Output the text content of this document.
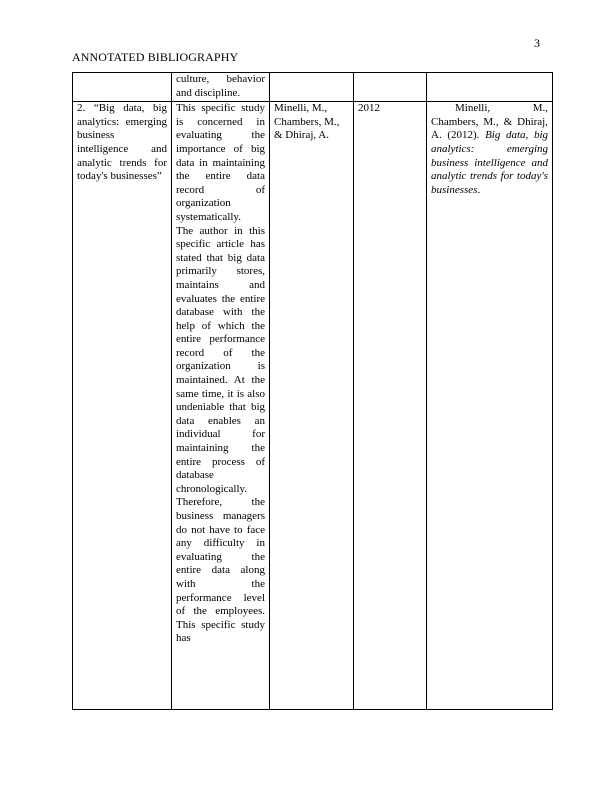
3
ANNOTATED BIBLIOGRAPHY

	culture, behavior and discipline.			

2. “Big data, big analytics: emerging business intelligence and analytic trends for today's businesses”	This specific study is concerned in evaluating the importance of big data in maintaining the entire data record of organization systematically.

The author in this specific article has stated that big data primarily stores, maintains and evaluates the entire database with the help of which the entire performance record of the organization is maintained. At the same time, it is also undeniable that big data enables an individual for maintaining the entire process of database chronologically.

Therefore, the business managers do not have to face any difficulty in evaluating the entire data along with the performance level of the employees. This specific study has	Minelli, M., Chambers, M., & Dhiraj, A.	2012	Minelli, M., Chambers, M., & Dhiraj, A. (2012). Big data, big analytics: emerging business intelligence and analytic trends for today's businesses.
